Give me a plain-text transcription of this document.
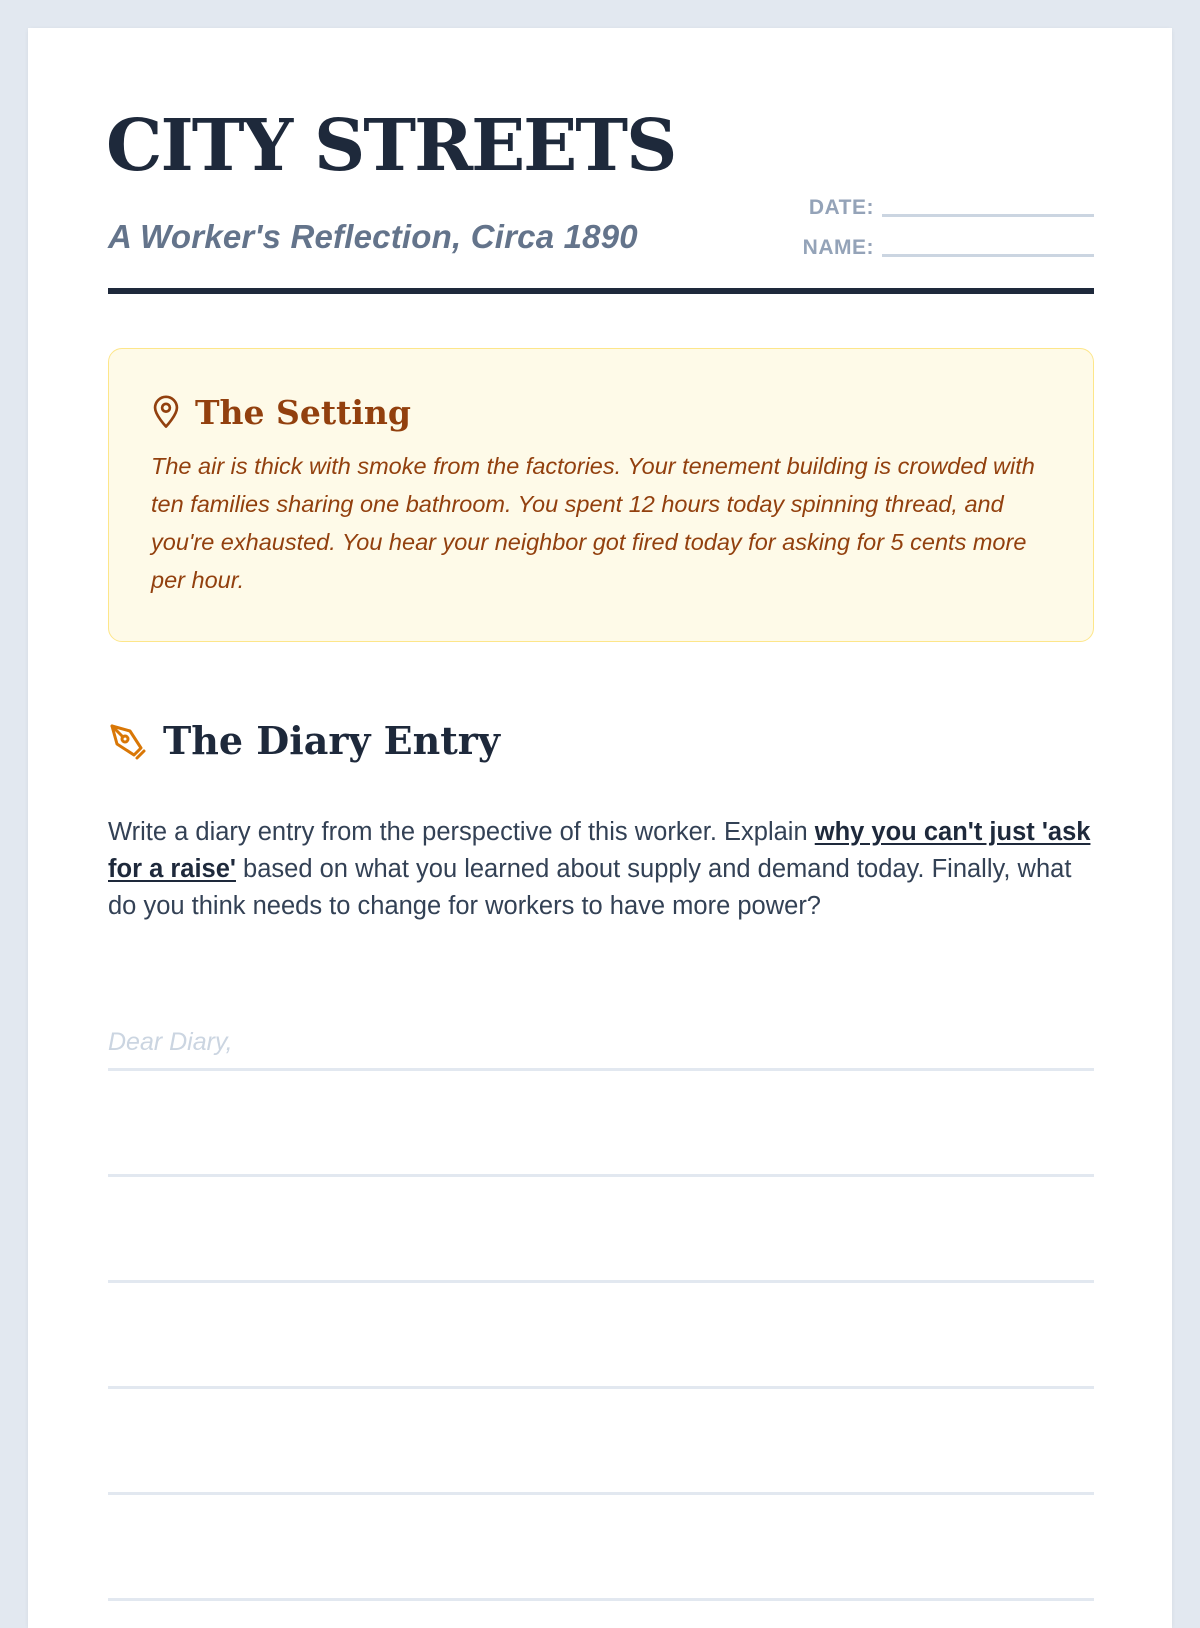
CITY STREETS
A Worker's Reflection, Circa 1890
DATE:
NAME:
The Setting
The air is thick with smoke from the factories. Your tenement building is crowded with ten families sharing one bathroom. You spent 12 hours today spinning thread, and you're exhausted. You hear your neighbor got fired today for asking for 5 cents more per hour.
The Diary Entry
Write a diary entry from the perspective of this worker. Explain why you can't just 'ask for a raise' based on what you learned about supply and demand today. Finally, what do you think needs to change for workers to have more power?
Dear Diary,
